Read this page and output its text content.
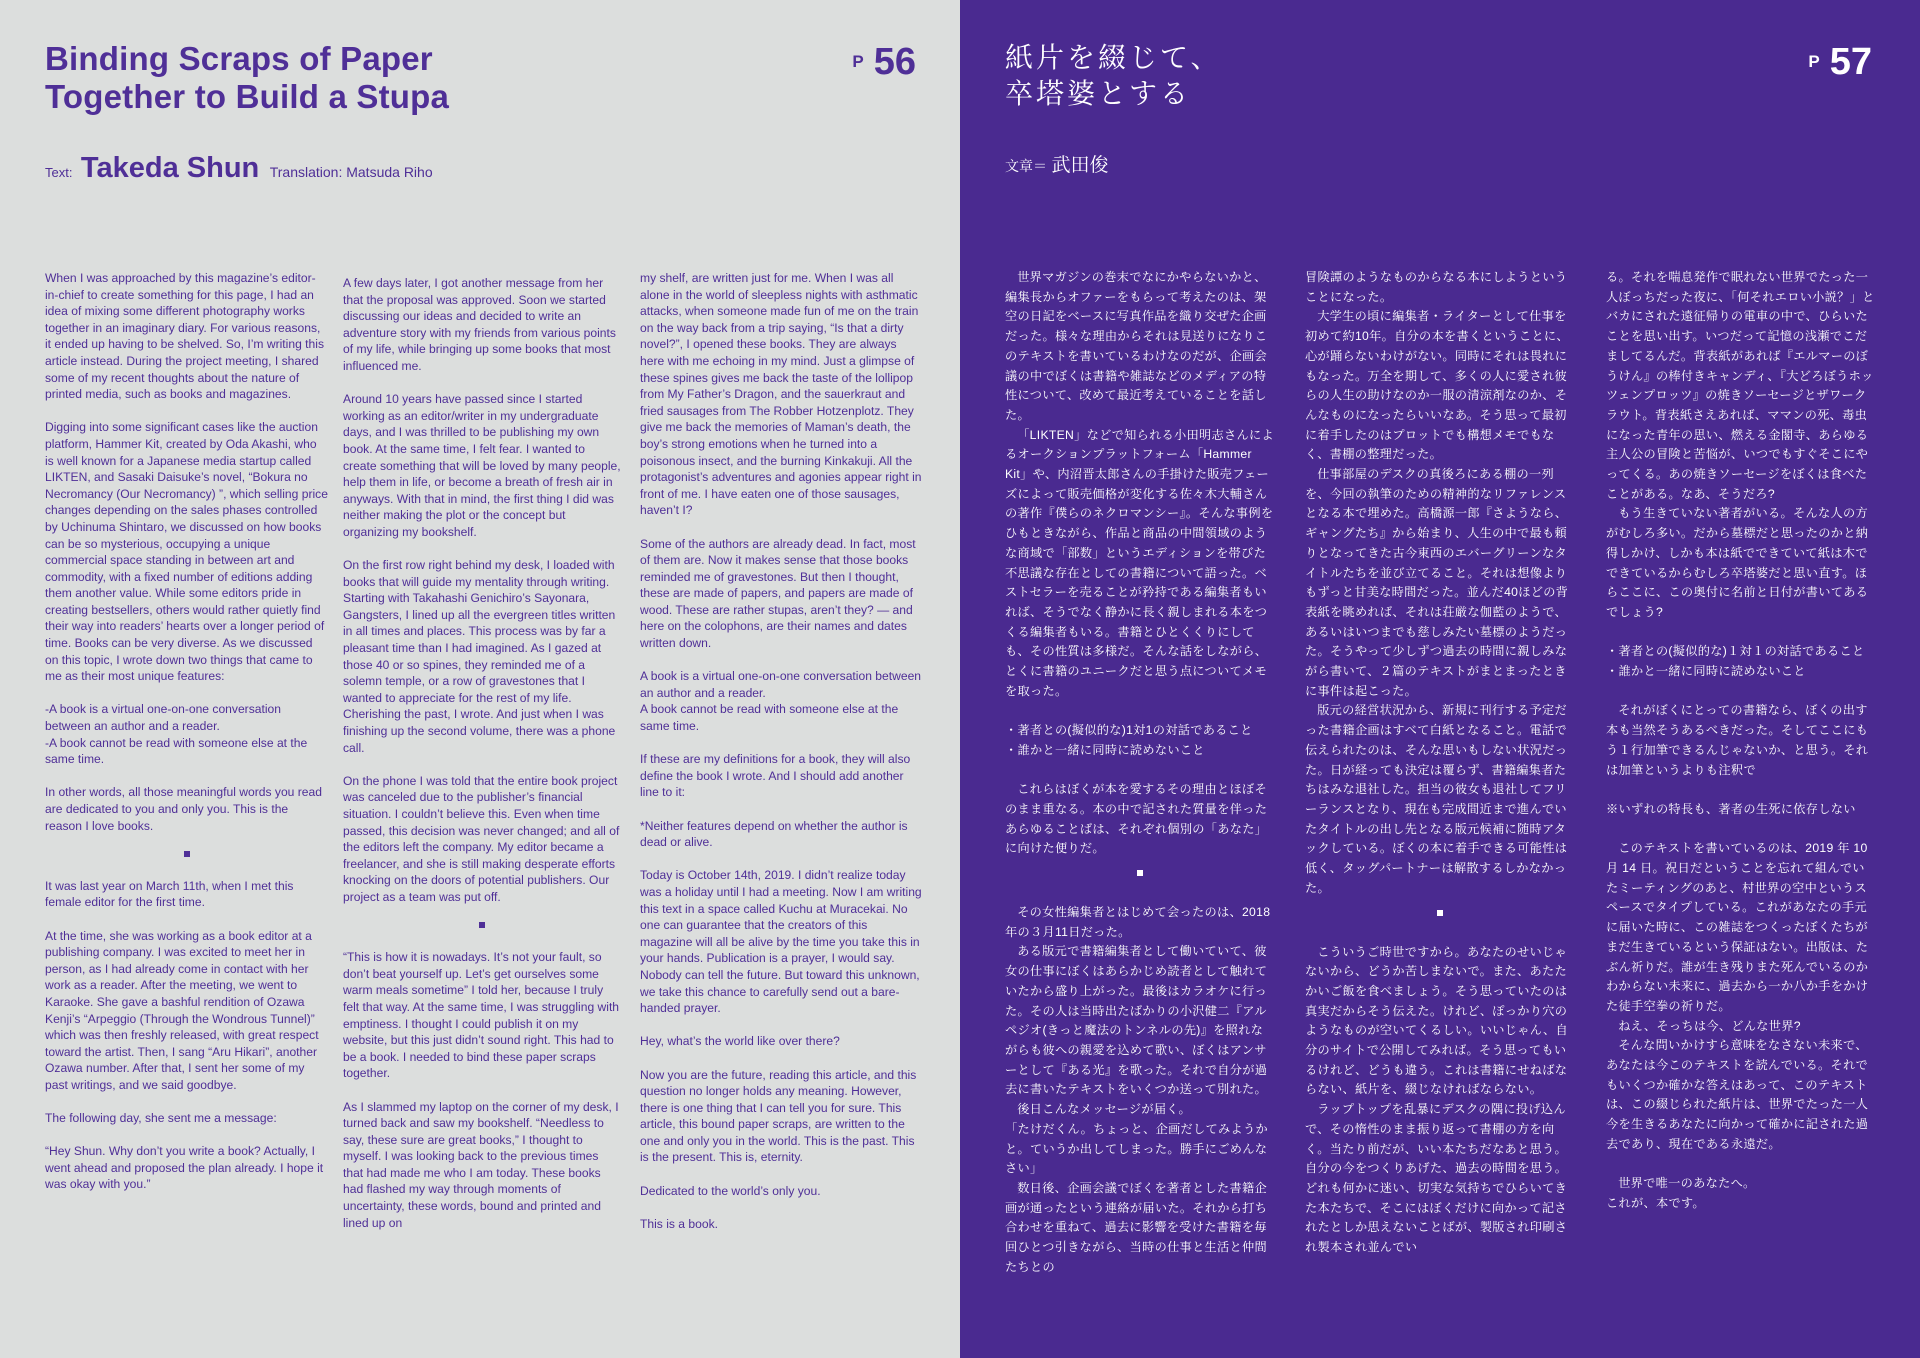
Binding Scraps of Paper
Together to Build a Stupa
$^P$ 56
Text: Takeda Shun Translation: Matsuda Riho

When I was approached by this magazine’s editor-in-chief to create something for this page, I had an idea of mixing some different photography works together in an imaginary diary. For various reasons, it ended up having to be shelved. So, I’m writing this article instead. During the project meeting, I shared some of my recent thoughts about the nature of printed media, such as books and magazines.

Digging into some significant cases like the auction platform, Hammer Kit, created by Oda Akashi, who is well known for a Japanese media startup called LIKTEN, and Sasaki Daisuke’s novel, “Bokura no Necromancy (Our Necromancy) ”, which selling price changes depending on the sales phases controlled by Uchinuma Shintaro, we discussed on how books can be so mysterious, occupying a unique commercial space standing in between art and commodity, with a fixed number of editions adding them another value. While some editors pride in creating bestsellers, others would rather quietly find their way into readers’ hearts over a longer period of time. Books can be very diverse. As we discussed on this topic, I wrote down two things that came to me as their most unique features:

-A book is a virtual one-on-one conversation between an author and a reader.
-A book cannot be read with someone else at the same time.

In other words, all those meaningful words you read are dedicated to you and only you. This is the reason I love books.

It was last year on March 11th, when I met this female editor for the first time.

At the time, she was working as a book editor at a publishing company. I was excited to meet her in person, as I had already come in contact with her work as a reader. After the meeting, we went to Karaoke. She gave a bashful rendition of Ozawa Kenji’s “Arpeggio (Through the Wondrous Tunnel)” which was then freshly released, with great respect toward the artist. Then, I sang “Aru Hikari”, another Ozawa number. After that, I sent her some of my past writings, and we said goodbye.

The following day, she sent me a message:

“Hey Shun. Why don’t you write a book? Actually, I went ahead and proposed the plan already. I hope it was okay with you.”

A few days later, I got another message from her that the proposal was approved. Soon we started discussing our ideas and decided to write an adventure story with my friends from various points of my life, while bringing up some books that most influenced me.

Around 10 years have passed since I started working as an editor/writer in my undergraduate days, and I was thrilled to be publishing my own book. At the same time, I felt fear. I wanted to create something that will be loved by many people, help them in life, or become a breath of fresh air in anyways. With that in mind, the first thing I did was neither making the plot or the concept but organizing my bookshelf.

On the first row right behind my desk, I loaded with books that will guide my mentality through writing. Starting with Takahashi Genichiro’s Sayonara, Gangsters, I lined up all the evergreen titles written in all times and places. This process was by far a pleasant time than I had imagined. As I gazed at those 40 or so spines, they reminded me of a solemn temple, or a row of gravestones that I wanted to appreciate for the rest of my life. Cherishing the past, I wrote. And just when I was finishing up the second volume, there was a phone call.

On the phone I was told that the entire book project was canceled due to the publisher’s financial situation. I couldn’t believe this. Even when time passed, this decision was never changed; and all of the editors left the company. My editor became a freelancer, and she is still making desperate efforts knocking on the doors of potential publishers. Our project as a team was put off.

“This is how it is nowadays. It’s not your fault, so don’t beat yourself up. Let’s get ourselves some warm meals sometime” I told her, because I truly felt that way. At the same time, I was struggling with emptiness. I thought I could publish it on my website, but this just didn’t sound right. This had to be a book. I needed to bind these paper scraps together.

As I slammed my laptop on the corner of my desk, I turned back and saw my bookshelf. “Needless to say, these sure are great books,” I thought to myself. I was looking back to the previous times that had made me who I am today. These books had flashed my way through moments of uncertainty, these words, bound and printed and lined up on

my shelf, are written just for me. When I was all alone in the world of sleepless nights with asthmatic attacks, when someone made fun of me on the train on the way back from a trip saying, “Is that a dirty novel?”, I opened these books. They are always here with me echoing in my mind. Just a glimpse of these spines gives me back the taste of the lollipop from My Father’s Dragon, and the sauerkraut and fried sausages from The Robber Hotzenplotz. They give me back the memories of Maman’s death, the boy’s strong emotions when he turned into a poisonous insect, and the burning Kinkakuji. All the protagonist’s adventures and agonies appear right in front of me. I have eaten one of those sausages, haven’t I?

Some of the authors are already dead. In fact, most of them are. Now it makes sense that those books reminded me of gravestones. But then I thought, these are made of papers, and papers are made of wood. These are rather stupas, aren’t they? — and here on the colophons, are their names and dates written down.

A book is a virtual one-on-one conversation between an author and a reader.
A book cannot be read with someone else at the same time.

If these are my definitions for a book, they will also define the book I wrote. And I should add another line to it:

*Neither features depend on whether the author is dead or alive.

Today is October 14th, 2019. I didn’t realize today was a holiday until I had a meeting. Now I am writing this text in a space called Kuchu at Muracekai. No one can guarantee that the creators of this magazine will all be alive by the time you take this in your hands. Publication is a prayer, I would say. Nobody can tell the future. But toward this unknown, we take this chance to carefully send out a bare-handed prayer.

Hey, what’s the world like over there?

Now you are the future, reading this article, and this question no longer holds any meaning. However, there is one thing that I can tell you for sure. This article, this bound paper scraps, are written to the one and only you in the world. This is the past. This is the present. This is, eternity.

Dedicated to the world’s only you.

This is a book.

紙片を綴じて、
卒塔婆とする
$^P$ 57
文章＝ 武田俊

世界マガジンの巻末でなにかやらないかと、編集長からオファーをもらって考えたのは、架空の日記をベースに写真作品を織り交ぜた企画だった。様々な理由からそれは見送りになりこのテキストを書いているわけなのだが、企画会議の中でぼくは書籍や雑誌などのメディアの特性について、改めて最近考えていることを話した。

「LIKTEN」などで知られる小田明志さんによるオークションプラットフォーム「Hammer Kit」や、内沼晋太郎さんの手掛けた販売フェーズによって販売価格が変化する佐々木大輔さんの著作『僕らのネクロマンシー』。そんな事例をひもときながら、作品と商品の中間領域のような商域で「部数」というエディションを帯びた不思議な存在としての書籍について語った。ベストセラーを売ることが矜持である編集者もいれば、そうでなく静かに長く親しまれる本をつくる編集者もいる。書籍とひとくくりにしても、その性質は多様だ。そんな話をしながら、とくに書籍のユニークだと思う点についてメモを取った。

・著者との(擬似的な)1対1の対話であること
・誰かと一緒に同時に読めないこと

これらはぼくが本を愛するその理由とほぼそのまま重なる。本の中で記された質量を伴ったあらゆることばは、それぞれ個別の「あなた」に向けた便りだ。

その女性編集者とはじめて会ったのは、2018年の３月11日だった。

ある版元で書籍編集者として働いていて、彼女の仕事にぼくはあらかじめ読者として触れていたから盛り上がった。最後はカラオケに行った。その人は当時出たばかりの小沢健二『アルペジオ(きっと魔法のトンネルの先)』を照れながらも彼への親愛を込めて歌い、ぼくはアンサーとして『ある光』を歌った。それで自分が過去に書いたテキストをいくつか送って別れた。

後日こんなメッセージが届く。

「たけだくん。ちょっと、企画だしてみようかと。ていうか出してしまった。勝手にごめんなさい」

数日後、企画会議でぼくを著者とした書籍企画が通ったという連絡が届いた。それから打ち合わせを重ねて、過去に影響を受けた書籍を毎回ひとつ引きながら、当時の仕事と生活と仲間たちとの

冒険譚のようなものからなる本にしようということになった。

大学生の頃に編集者・ライターとして仕事を初めて約10年。自分の本を書くということに、心が踊らないわけがない。同時にそれは畏れにもなった。万全を期して、多くの人に愛され彼らの人生の助けなのか一服の清涼剤なのか、そんなものになったらいいなあ。そう思って最初に着手したのはプロットでも構想メモでもなく、書棚の整理だった。

仕事部屋のデスクの真後ろにある棚の一列を、今回の執筆のための精神的なリファレンスとなる本で埋めた。高橋源一郎『さようなら、ギャングたち』から始まり、人生の中で最も頼りとなってきた古今東西のエバーグリーンなタイトルたちを並び立てること。それは想像よりもずっと甘美な時間だった。並んだ40ほどの背表紙を眺めれば、それは荘厳な伽藍のようで、あるいはいつまでも慈しみたい墓標のようだった。そうやって少しずつ過去の時間に親しみながら書いて、２篇のテキストがまとまったときに事件は起こった。

版元の経営状況から、新規に刊行する予定だった書籍企画はすべて白紙となること。電話で伝えられたのは、そんな思いもしない状況だった。日が経っても決定は覆らず、書籍編集者たちはみな退社した。担当の彼女も退社してフリーランスとなり、現在も完成間近まで進んでいたタイトルの出し先となる版元候補に随時アタックしている。ぼくの本に着手できる可能性は低く、タッグパートナーは解散するしかなかった。

こういうご時世ですから。あなたのせいじゃないから、どうか苦しまないで。また、あたたかいご飯を食べましょう。そう思っていたのは真実だからそう伝えた。けれど、ぽっかり穴のようなものが空いてくるしい。いいじゃん、自分のサイトで公開してみれば。そう思ってもいるけれど、どうも違う。これは書籍にせねばならない、紙片を、綴じなければならない。

ラップトップを乱暴にデスクの隅に投げ込んで、その惰性のまま振り返って書棚の方を向く。当たり前だが、いい本たちだなあと思う。自分の今をつくりあげた、過去の時間を思う。どれも何かに迷い、切実な気持ちでひらいてきた本たちで、そこにはぼくだけに向かって記されたとしか思えないことばが、製版され印刷され製本され並んでい

る。それを喘息発作で眠れない世界でたった一人ぼっちだった夜に、「何それエロい小説？」とバカにされた遠征帰りの電車の中で、ひらいたことを思い出す。いつだって記憶の浅瀬でこだましてるんだ。背表紙があれば『エルマーのぼうけん』の棒付きキャンディ、『大どろぼうホッツェンプロッツ』の焼きソーセージとザワークラウト。背表紙さえあれば、ママンの死、毒虫になった青年の思い、燃える金閣寺、あらゆる主人公の冒険と苦悩が、いつでもすぐそこにやってくる。あの焼きソーセージをぼくは食べたことがある。なあ、そうだろ?

もう生きていない著者がいる。そんな人の方がむしろ多い。だから墓標だと思ったのかと納得しかけ、しかも本は紙でできていて紙は木でできているからむしろ卒塔婆だと思い直す。ほらここに、この奥付に名前と日付が書いてあるでしょう?

・著者との(擬似的な)１対１の対話であること
・誰かと一緒に同時に読めないこと

それがぼくにとっての書籍なら、ぼくの出す本も当然そうあるべきだった。そしてここにもう１行加筆できるんじゃないか、と思う。それは加筆というよりも注釈で

※いずれの特長も、著者の生死に依存しない

このテキストを書いているのは、2019 年 10 月 14 日。祝日だということを忘れて組んでいたミーティングのあと、村世界の空中というスペースでタイプしている。これがあなたの手元に届いた時に、この雑誌をつくったぼくたちがまだ生きているという保証はない。出版は、たぶん祈りだ。誰が生き残りまた死んでいるのかわからない未来に、過去から一か八か手をかけた徒手空拳の祈りだ。

ねえ、そっちは今、どんな世界?

そんな問いかけすら意味をなさない未来で、あなたは今このテキストを読んでいる。それでもいくつか確かな答えはあって、このテキストは、この綴じられた紙片は、世界でたった一人今を生きるあなたに向かって確かに記された過去であり、現在である永遠だ。

世界で唯一のあなたへ。
これが、本です。
